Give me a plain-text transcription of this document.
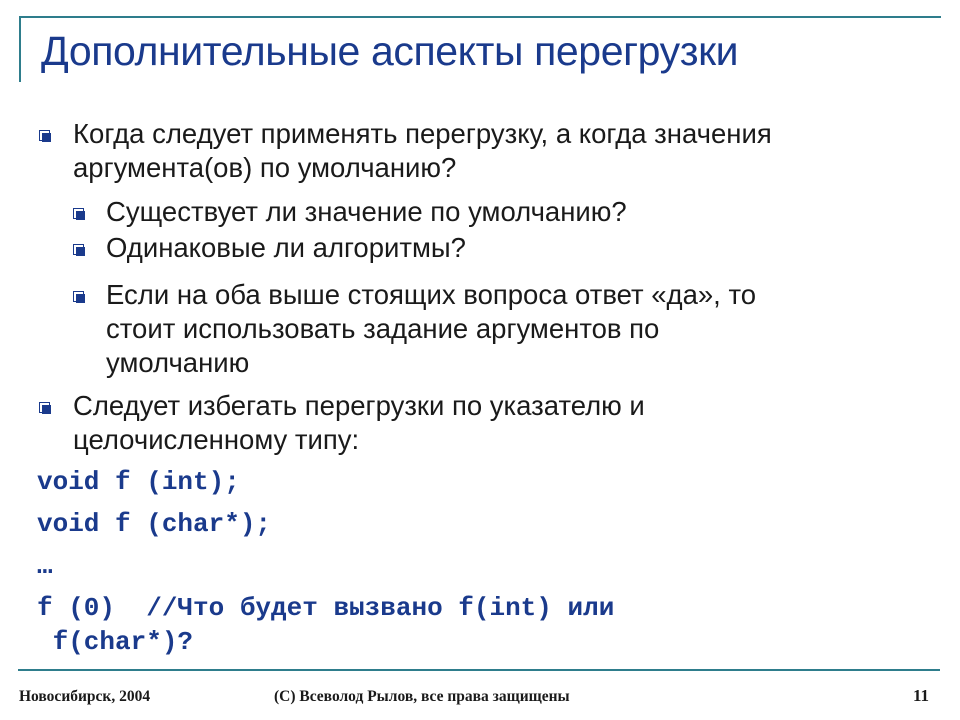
Дополнительные аспекты перегрузки
Когда следует применять перегрузку, а когда значения
аргумента(ов) по умолчанию?
Существует ли значение по умолчанию?
Одинаковые ли алгоритмы?
Если на оба выше стоящих вопроса ответ «да», то
стоит использовать задание аргументов по
умолчанию
Следует избегать перегрузки по указателю и
целочисленному типу:
void f (int);
void f (char*);
…
f (0)  //Что будет вызвано f(int) или
f(char*)?
Новосибирск, 2004	(С) Всеволод Рылов, все права защищены	11
